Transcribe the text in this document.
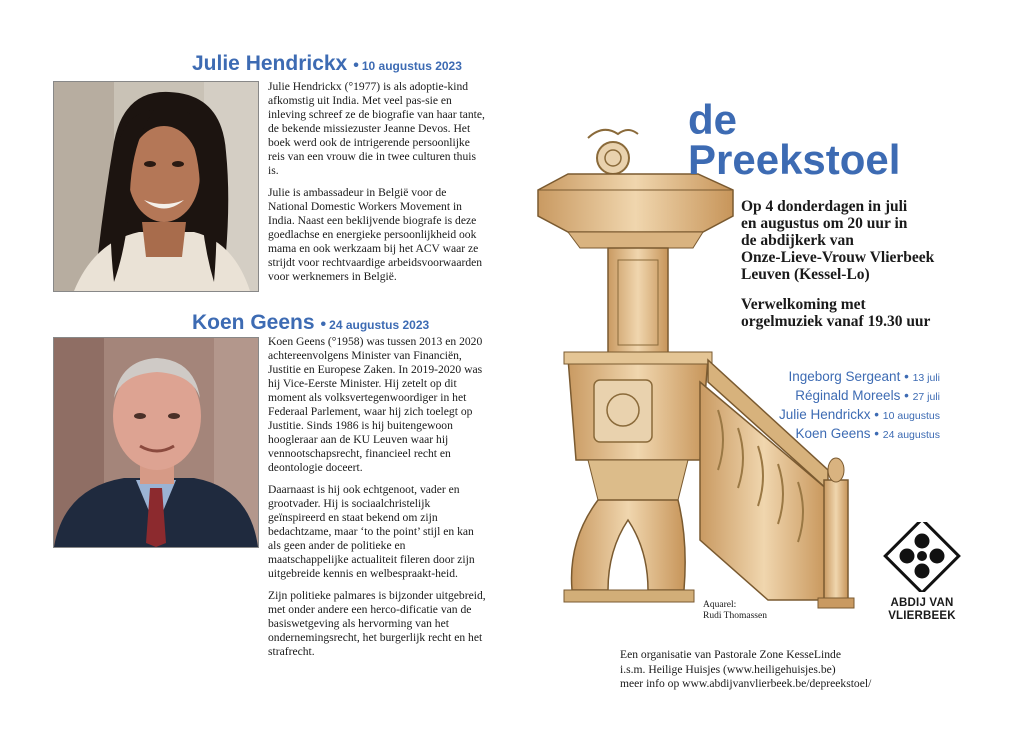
Julie Hendrickx • 10 augustus 2023

Julie Hendrickx (°1977) is als adoptie-kind afkomstig uit India. Met veel pas-sie en inleving schreef ze de biografie van haar tante, de bekende missiezuster Jeanne Devos. Het boek werd ook de intrigerende persoonlijke reis van een vrouw die in twee culturen thuis is.

Julie is ambassadeur in België voor de National Domestic Workers Movement in India. Naast een beklijvende biografe is deze goedlachse en energieke persoonlijkheid ook mama en ook werkzaam bij het ACV waar ze strijdt voor rechtvaardige arbeidsvoorwaarden voor werknemers in België.

Koen Geens • 24 augustus 2023

Koen Geens (°1958) was tussen 2013 en 2020 achtereenvolgens Minister van Financiën, Justitie en Europese Zaken. In 2019-2020 was hij Vice-Eerste Minister. Hij zetelt op dit moment als volksvertegenwoordiger in het Federaal Parlement, waar hij zich toelegt op Justitie. Sinds 1986 is hij buitengewoon hoogleraar aan de KU Leuven waar hij vennootschapsrecht, financieel recht en deontologie doceert.

Daarnaast is hij ook echtgenoot, vader en grootvader. Hij is sociaalchristelijk geïnspireerd en staat bekend om zijn bedachtzame, maar ‘to the point’ stijl en kan als geen ander de politieke en maatschappelijke actualiteit fileren door zijn uitgebreide kennis en welbespraakt-heid.

Zijn politieke palmares is bijzonder uitgebreid, met onder andere een herco-dificatie van de basiswetgeving als hervorming van het ondernemingsrecht, het burgerlijk recht en het strafrecht.

de
Preekstoel
Op 4 donderdagen in juli
en augustus om 20 uur in
de abdijkerk van
Onze-Lieve-Vrouw Vlierbeek
Leuven (Kessel-Lo)
Verwelkoming met
orgelmuziek vanaf 19.30 uur
Ingeborg Sergeant • 13 juli
Réginald Moreels • 27 juli
Julie Hendrickx • 10 augustus
Koen Geens • 24 augustus
ABDIJ VAN
VLIERBEEK
Aquarel:
Rudi Thomassen
Een organisatie van Pastorale Zone KesseLinde
i.s.m. Heilige Huisjes (www.heiligehuisjes.be)
meer info op www.abdijvanvlierbeek.be/depreekstoel/
